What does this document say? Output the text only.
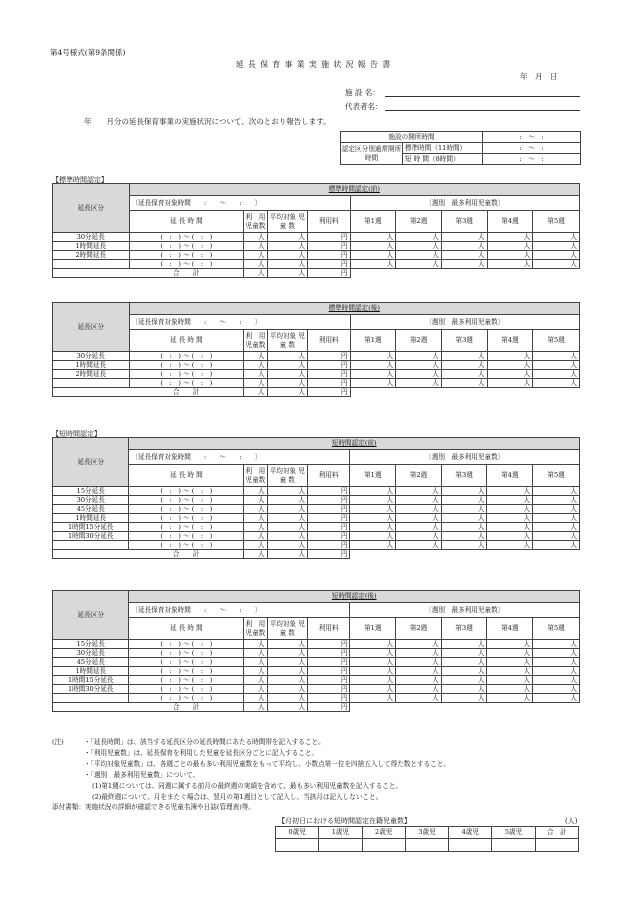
第4号様式(第9条関係)
延長保育事業実施状況報告書
年　月　日
施 設 名：
代表者名：
年　　月分の延長保育事業の実施状況について、次のとおり報告します。
施設の開所時間		:　～　:
認定区分別通常開所時間	標準時間（11時間）	:　～　:
	短 時 間（8時間）	:　～　:
【標準時間認定】
【短時間認定】
延長区分	標準時間認定(前)								
	〔延長保育対象時間　　:　　～　　:　　〕				〔週別　最多利用児童数〕				
	延 長 時 間	利　用 児童数	平均対象 児 童 数	利用料	第1週	第2週	第3週	第4週	第5週
30分延長	(　:　) ～ (　:　)	人	人	円	人	人	人	人	人
1時間延長	(　:　) ～ (　:　)	人	人	円	人	人	人	人	人
2時間延長	(　:　) ～ (　:　)	人	人	円	人	人	人	人	人
	(　:　) ～ (　:　)	人	人	円	人	人	人	人	人
	合　　計	人	人	円					
延長区分	標準時間認定(後)								
	〔延長保育対象時間　　:　　～　　:　　〕				〔週別　最多利用児童数〕				
	延 長 時 間	利　用 児童数	平均対象 児 童 数	利用料	第1週	第2週	第3週	第4週	第5週
30分延長	(　:　) ～ (　:　)	人	人	円	人	人	人	人	人
1時間延長	(　:　) ～ (　:　)	人	人	円	人	人	人	人	人
2時間延長	(　:　) ～ (　:　)	人	人	円	人	人	人	人	人
	(　:　) ～ (　:　)	人	人	円	人	人	人	人	人
	合　　計	人	人	円					
延長区分	短時間認定(前)								
	〔延長保育対象時間　　:　　～　　:　　〕				〔週別　最多利用児童数〕				
	延 長 時 間	利　用 児童数	平均対象 児 童 数	利用料	第1週	第2週	第3週	第4週	第5週
15分延長	(　:　) ～ (　:　)	人	人	円	人	人	人	人	人
30分延長	(　:　) ～ (　:　)	人	人	円	人	人	人	人	人
45分延長	(　:　) ～ (　:　)	人	人	円	人	人	人	人	人
1時間延長	(　:　) ～ (　:　)	人	人	円	人	人	人	人	人
1時間15分延長	(　:　) ～ (　:　)	人	人	円	人	人	人	人	人
1時間30分延長	(　:　) ～ (　:　)	人	人	円	人	人	人	人	人
	(　:　) ～ (　:　)	人	人	円	人	人	人	人	人
	合　　計	人	人	円					
延長区分	短時間認定(後)								
	〔延長保育対象時間　　:　　～　　:　　〕				〔週別　最多利用児童数〕				
	延 長 時 間	利　用 児童数	平均対象 児 童 数	利用料	第1週	第2週	第3週	第4週	第5週
15分延長	(　:　) ～ (　:　)	人	人	円	人	人	人	人	人
30分延長	(　:　) ～ (　:　)	人	人	円	人	人	人	人	人
45分延長	(　:　) ～ (　:　)	人	人	円	人	人	人	人	人
1時間延長	(　:　) ～ (　:　)	人	人	円	人	人	人	人	人
1時間15分延長	(　:　) ～ (　:　)	人	人	円	人	人	人	人	人
1時間30分延長	(　:　) ～ (　:　)	人	人	円	人	人	人	人	人
	(　:　) ～ (　:　)	人	人	円	人	人	人	人	人
	合　　計	人	人	円					
(注)	・「延長時間」は、該当する延長区分の延長時間にあたる時間帯を記入すること。
・「利用児童数」は、延長保育を利用した児童を延長区分ごとに記入すること。
・「平均対象児童数」は、各週ごとの最も多い利用児童数をもって平均し、小数点第一位を四捨五入して得た数とすること。
・「週別　最多利用児童数」について、
(1)第1週については、同週に属する前月の最終週の実績を含めて、最も多い利用児童数を記入すること。
(2)最終週について、月をまたぐ場合は、翌月の第1週目として記入し、当該月は記入しないこと。
添付書類：実施状況の詳細が確認できる児童名簿や日誌(管理表)等。
【月初日における短時間認定在籍児童数】	(人)
0歳児	1歳児	2歳児	3歳児	4歳児	5歳児	合　計
